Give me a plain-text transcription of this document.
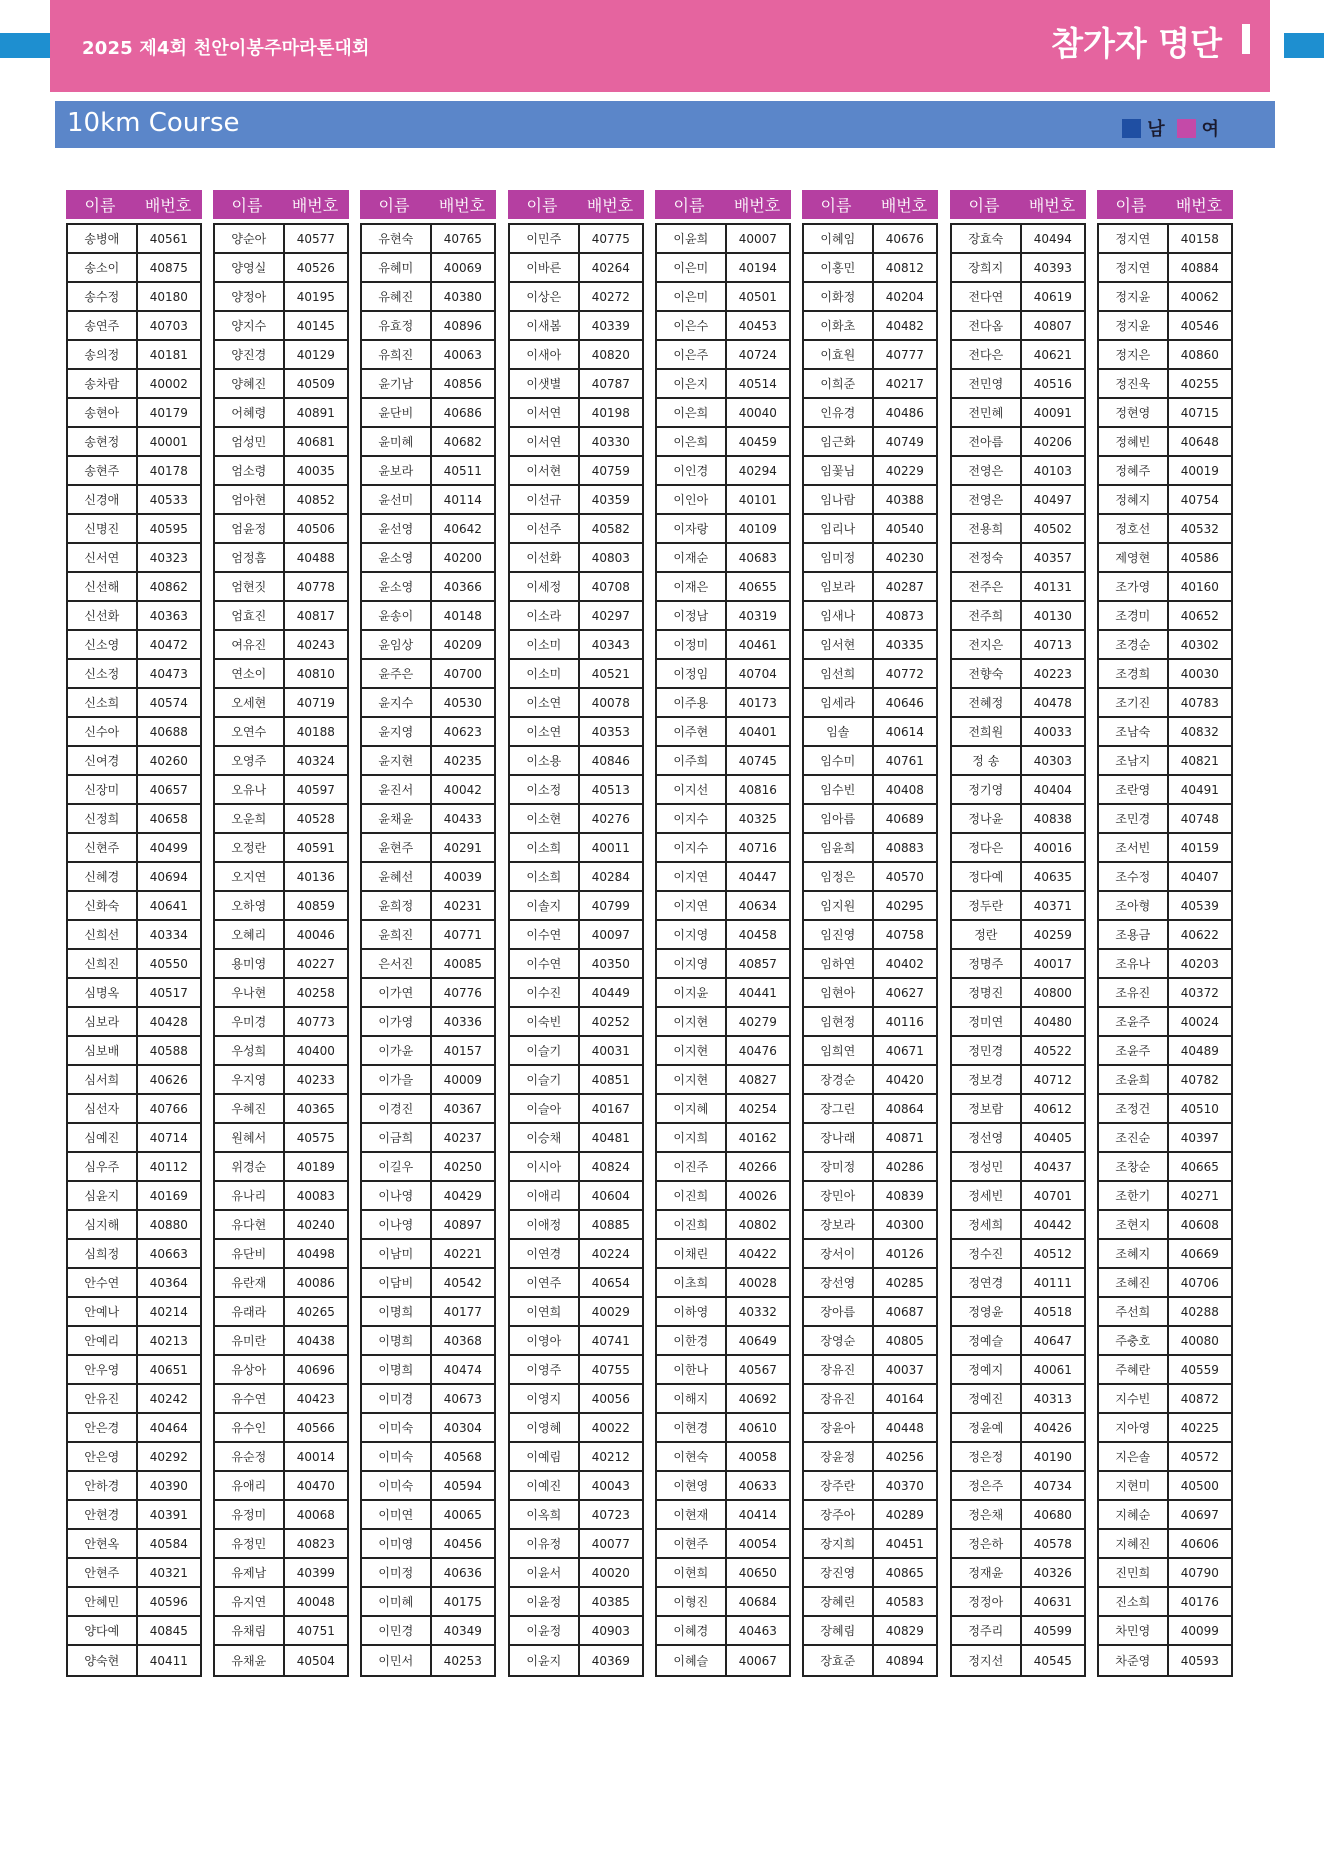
2025 제4회 천안이봉주마라톤대회	참가자 명단
10km Course	남 여
이름	배번호
송병애	40561
송소이	40875
송수정	40180
송연주	40703
송의정	40181
송차람	40002
송현아	40179
송현정	40001
송현주	40178
신경애	40533
신명진	40595
신서연	40323
신선해	40862
신선화	40363
신소영	40472
신소정	40473
신소희	40574
신수아	40688
신여경	40260
신장미	40657
신정희	40658
신현주	40499
신혜경	40694
신화숙	40641
신희선	40334
신희진	40550
심명옥	40517
심보라	40428
심보배	40588
심서희	40626
심선자	40766
심예진	40714
심우주	40112
심윤지	40169
심지해	40880
심희정	40663
안수연	40364
안예나	40214
안예리	40213
안우영	40651
안유진	40242
안은경	40464
안은영	40292
안하경	40390
안현경	40391
안현옥	40584
안현주	40321
안혜민	40596
양다예	40845
양숙현	40411
이름	배번호
양순아	40577
양영실	40526
양정아	40195
양지수	40145
양진경	40129
양혜진	40509
어혜령	40891
엄성민	40681
엄소령	40035
엄아현	40852
엄윤정	40506
엄정흠	40488
엄현짓	40778
엄효진	40817
여유진	40243
연소이	40810
오세현	40719
오연수	40188
오영주	40324
오유나	40597
오운희	40528
오정란	40591
오지연	40136
오하영	40859
오혜리	40046
용미영	40227
우나현	40258
우미경	40773
우성희	40400
우지영	40233
우혜진	40365
원혜서	40575
위경순	40189
유나리	40083
유다현	40240
유단비	40498
유란재	40086
유래라	40265
유미란	40438
유상아	40696
유수연	40423
유수인	40566
유순정	40014
유애리	40470
유정미	40068
유정민	40823
유제남	40399
유지연	40048
유채림	40751
유채윤	40504
이름	배번호
유현숙	40765
유혜미	40069
유혜진	40380
유효정	40896
유희진	40063
윤기남	40856
윤단비	40686
윤미혜	40682
윤보라	40511
윤선미	40114
윤선영	40642
윤소영	40200
윤소영	40366
윤송이	40148
윤임상	40209
윤주은	40700
윤지수	40530
윤지영	40623
윤지현	40235
윤진서	40042
윤채윤	40433
윤현주	40291
윤혜선	40039
윤희정	40231
윤희진	40771
은서진	40085
이가연	40776
이가영	40336
이가윤	40157
이가을	40009
이경진	40367
이금희	40237
이길우	40250
이나영	40429
이나영	40897
이남미	40221
이담비	40542
이명희	40177
이명희	40368
이명희	40474
이미경	40673
이미숙	40304
이미숙	40568
이미숙	40594
이미연	40065
이미영	40456
이미정	40636
이미혜	40175
이민경	40349
이민서	40253
이름	배번호
이민주	40775
이바른	40264
이상은	40272
이새봄	40339
이새아	40820
이샛별	40787
이서연	40198
이서연	40330
이서현	40759
이선규	40359
이선주	40582
이선화	40803
이세정	40708
이소라	40297
이소미	40343
이소미	40521
이소연	40078
이소연	40353
이소용	40846
이소정	40513
이소현	40276
이소희	40011
이소희	40284
이솔지	40799
이수연	40097
이수연	40350
이수진	40449
이숙빈	40252
이슬기	40031
이슬기	40851
이슬아	40167
이승채	40481
이시아	40824
이애리	40604
이애정	40885
이연경	40224
이연주	40654
이연희	40029
이영아	40741
이영주	40755
이영지	40056
이영혜	40022
이예림	40212
이예진	40043
이옥희	40723
이유정	40077
이윤서	40020
이윤정	40385
이윤정	40903
이윤지	40369
이름	배번호
이윤희	40007
이은미	40194
이은미	40501
이은수	40453
이은주	40724
이은지	40514
이은희	40040
이은희	40459
이인경	40294
이인아	40101
이자랑	40109
이재순	40683
이재은	40655
이정남	40319
이정미	40461
이정임	40704
이주용	40173
이주현	40401
이주희	40745
이지선	40816
이지수	40325
이지수	40716
이지연	40447
이지연	40634
이지영	40458
이지영	40857
이지윤	40441
이지현	40279
이지현	40476
이지현	40827
이지혜	40254
이지희	40162
이진주	40266
이진희	40026
이진희	40802
이채린	40422
이초희	40028
이하영	40332
이한경	40649
이한나	40567
이해지	40692
이현경	40610
이현숙	40058
이현영	40633
이현재	40414
이현주	40054
이현희	40650
이형진	40684
이혜경	40463
이혜슬	40067
이름	배번호
이혜임	40676
이홍민	40812
이화정	40204
이화초	40482
이효원	40777
이희준	40217
인유경	40486
임근화	40749
임꽃님	40229
임나람	40388
임리나	40540
임미정	40230
임보라	40287
임새나	40873
임서현	40335
임선희	40772
임세라	40646
임솔	40614
임수미	40761
임수빈	40408
임아름	40689
임윤희	40883
임정은	40570
임지원	40295
임진영	40758
임하연	40402
임현아	40627
임현정	40116
임희연	40671
장경순	40420
장그린	40864
장나래	40871
장미정	40286
장민아	40839
장보라	40300
장서이	40126
장선영	40285
장아름	40687
장영순	40805
장유진	40037
장유진	40164
장윤아	40448
장윤정	40256
장주란	40370
장주아	40289
장지희	40451
장진영	40865
장혜린	40583
장혜림	40829
장효준	40894
이름	배번호
장효숙	40494
장희지	40393
전다연	40619
전다옴	40807
전다은	40621
전민영	40516
전민혜	40091
전아름	40206
전영은	40103
전영은	40497
전용희	40502
전정숙	40357
전주은	40131
전주희	40130
전지은	40713
전향숙	40223
전혜정	40478
전희원	40033
정 송	40303
정기영	40404
정나윤	40838
정다은	40016
정다예	40635
정두란	40371
정란	40259
정명주	40017
정명진	40800
정미연	40480
정민경	40522
정보경	40712
정보람	40612
정선영	40405
정성민	40437
정세빈	40701
정세희	40442
정수진	40512
정연경	40111
정영윤	40518
정예슬	40647
정예지	40061
정예진	40313
정윤예	40426
정은정	40190
정은주	40734
정은채	40680
정은하	40578
정재윤	40326
정정아	40631
정주리	40599
정지선	40545
이름	배번호
정지연	40158
정지연	40884
정지윤	40062
정지윤	40546
정지은	40860
정진욱	40255
정현영	40715
정혜빈	40648
정혜주	40019
정혜지	40754
정호선	40532
제영현	40586
조가영	40160
조경미	40652
조경순	40302
조경희	40030
조기진	40783
조남숙	40832
조남지	40821
조란영	40491
조민경	40748
조서빈	40159
조수정	40407
조아형	40539
조용금	40622
조유나	40203
조유진	40372
조윤주	40024
조윤주	40489
조윤희	40782
조정건	40510
조진순	40397
조창순	40665
조한기	40271
조현지	40608
조혜지	40669
조혜진	40706
주선희	40288
주충호	40080
주혜란	40559
지수빈	40872
지아영	40225
지은솔	40572
지현미	40500
지혜순	40697
지혜진	40606
진민희	40790
진소희	40176
차민영	40099
차준영	40593
